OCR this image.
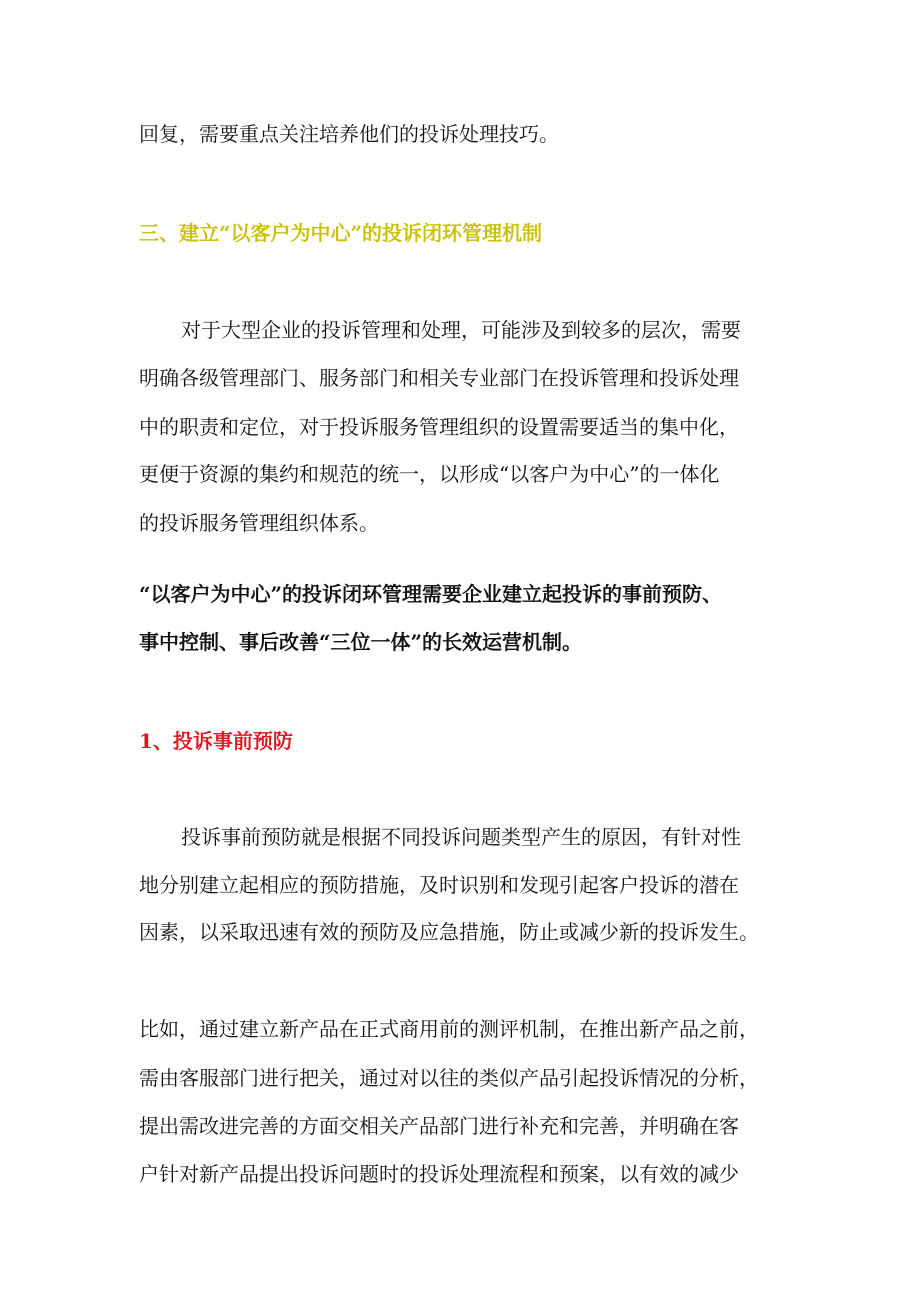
回复，需要重点关注培养他们的投诉处理技巧。
三、建立“以客户为中心”的投诉闭环管理机制
对于大型企业的投诉管理和处理，可能涉及到较多的层次，需要
明确各级管理部门、服务部门和相关专业部门在投诉管理和投诉处理
中的职责和定位，对于投诉服务管理组织的设置需要适当的集中化，
更便于资源的集约和规范的统一，以形成“以客户为中心”的一体化
的投诉服务管理组织体系。
“以客户为中心”的投诉闭环管理需要企业建立起投诉的事前预防、
事中控制、事后改善“三位一体”的长效运营机制。
1、投诉事前预防
投诉事前预防就是根据不同投诉问题类型产生的原因，有针对性
地分别建立起相应的预防措施，及时识别和发现引起客户投诉的潜在
因素，以采取迅速有效的预防及应急措施，防止或减少新的投诉发生。
比如，通过建立新产品在正式商用前的测评机制，在推出新产品之前，
需由客服部门进行把关，通过对以往的类似产品引起投诉情况的分析，
提出需改进完善的方面交相关产品部门进行补充和完善，并明确在客
户针对新产品提出投诉问题时的投诉处理流程和预案，以有效的减少
